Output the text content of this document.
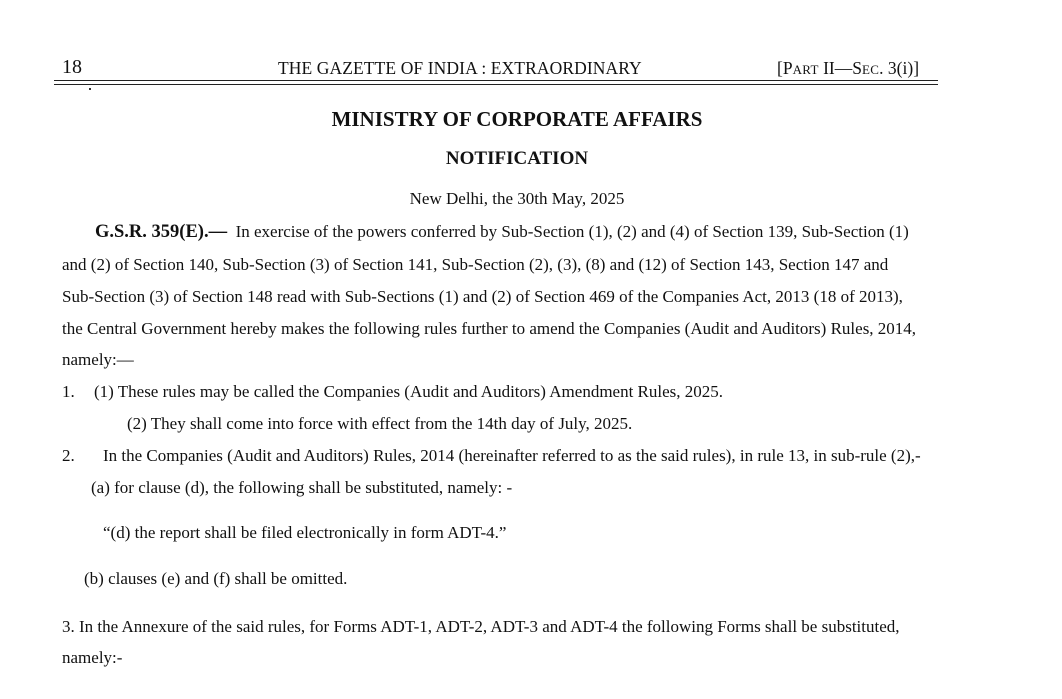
18	THE GAZETTE OF INDIA : EXTRAORDINARY	[PART II—SEC. 3(i)]
MINISTRY OF CORPORATE AFFAIRS
NOTIFICATION
New Delhi, the 30th May, 2025
G.S.R. 359(E).— In exercise of the powers conferred by Sub-Section (1), (2) and (4) of Section 139, Sub-Section (1)
and (2) of Section 140, Sub-Section (3) of Section 141, Sub-Section (2), (3), (8) and (12) of Section 143, Section 147 and
Sub-Section (3) of Section 148 read with Sub-Sections (1) and (2) of Section 469 of the Companies Act, 2013 (18 of 2013),
the Central Government hereby makes the following rules further to amend the Companies (Audit and Auditors) Rules, 2014,
namely:—
1. (1) These rules may be called the Companies (Audit and Auditors) Amendment Rules, 2025.
(2) They shall come into force with effect from the 14th day of July, 2025.
2. In the Companies (Audit and Auditors) Rules, 2014 (hereinafter referred to as the said rules), in rule 13, in sub-rule (2),-
(a) for clause (d), the following shall be substituted, namely: -
“(d) the report shall be filed electronically in form ADT-4.”
(b) clauses (e) and (f) shall be omitted.
3. In the Annexure of the said rules, for Forms ADT-1, ADT-2, ADT-3 and ADT-4 the following Forms shall be substituted,
namely:-
